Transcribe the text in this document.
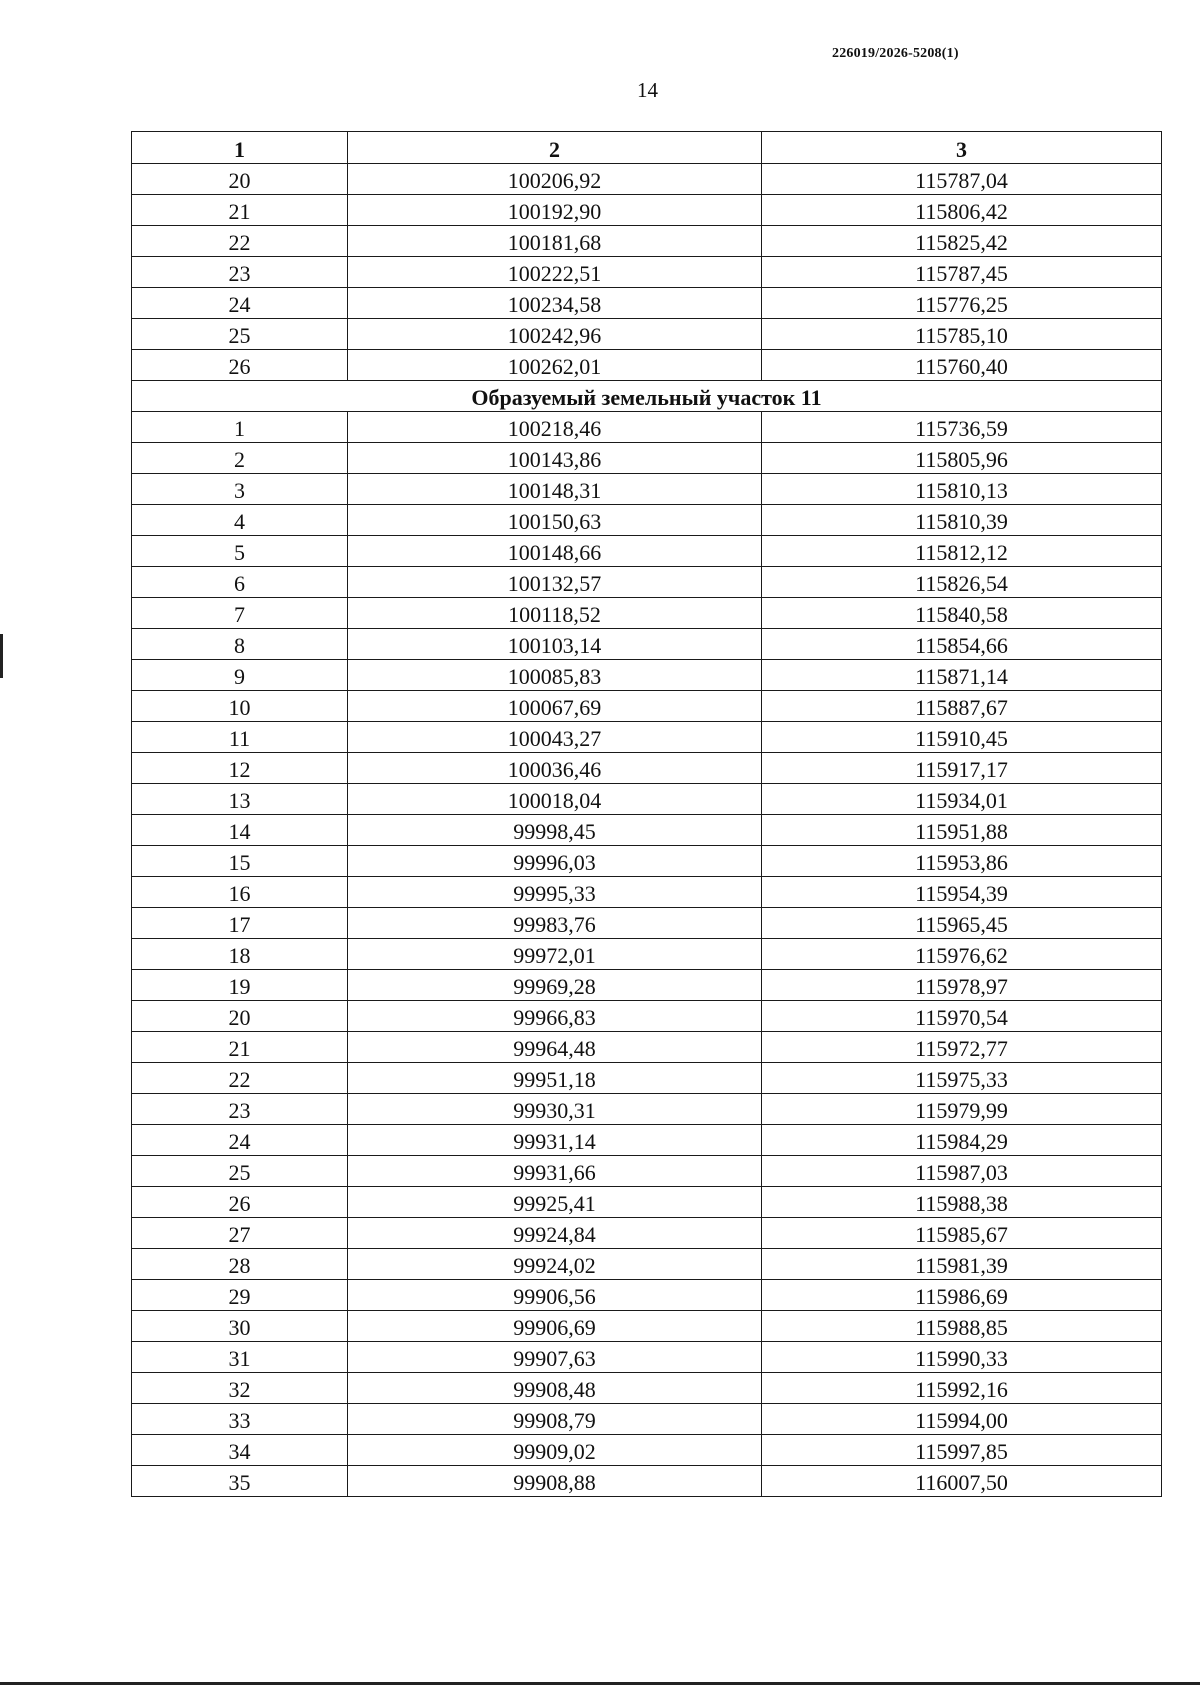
226019/2026-5208(1)
14
1	2	3
20	100206,92	115787,04
21	100192,90	115806,42
22	100181,68	115825,42
23	100222,51	115787,45
24	100234,58	115776,25
25	100242,96	115785,10
26	100262,01	115760,40
Образуемый земельный участок 11		
1	100218,46	115736,59
2	100143,86	115805,96
3	100148,31	115810,13
4	100150,63	115810,39
5	100148,66	115812,12
6	100132,57	115826,54
7	100118,52	115840,58
8	100103,14	115854,66
9	100085,83	115871,14
10	100067,69	115887,67
11	100043,27	115910,45
12	100036,46	115917,17
13	100018,04	115934,01
14	99998,45	115951,88
15	99996,03	115953,86
16	99995,33	115954,39
17	99983,76	115965,45
18	99972,01	115976,62
19	99969,28	115978,97
20	99966,83	115970,54
21	99964,48	115972,77
22	99951,18	115975,33
23	99930,31	115979,99
24	99931,14	115984,29
25	99931,66	115987,03
26	99925,41	115988,38
27	99924,84	115985,67
28	99924,02	115981,39
29	99906,56	115986,69
30	99906,69	115988,85
31	99907,63	115990,33
32	99908,48	115992,16
33	99908,79	115994,00
34	99909,02	115997,85
35	99908,88	116007,50
